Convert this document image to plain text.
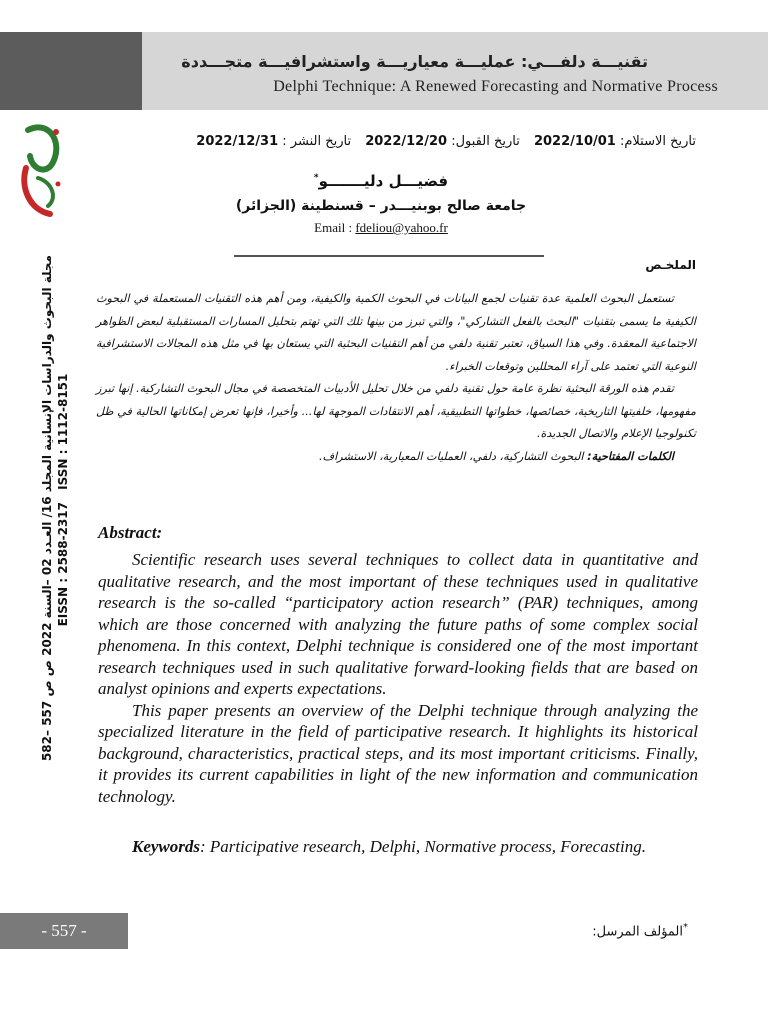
تقنيـــة دلفـــي: عمليـــة معياريـــة واستشرافيـــة متجـــددة
Delphi Technique: A Renewed Forecasting and Normative Process
مجلة البحوث والدراسات الإنسانية المجلد 16/ العـدد 02 –السنة 2022 ص ص 557 –582
EISSN : 2588-2317 ISSN : 1112-8151
تاريخ الاستلام: 2022/10/01 تاريخ القبول: 2022/12/20 تاريخ النشر : 2022/12/31
فضيـــل دليـــــــو*
جامعة صالح بوبنيـــدر – قسنطينة (الجزائر)
Email : fdeliou@yahoo.fr
الملخـص

تستعمل البحوث العلمية عدة تقنيات لجمع البيانات في البحوث الكمية والكيفية، ومن أهم هذه التقنيات المستعملة في البحوث الكيفية ما يسمى بتقنيات "البحث بالفعل التشاركي"، والتي تبرز من بينها تلك التي تهتم بتحليل المسارات المستقبلية لبعض الظواهر الاجتماعية المعقدة. وفي هذا السياق، تعتبر تقنية دلفي من أهم التقنيات البحثية التي يستعان بها في مثل هذه المجالات الاستشرافية النوعية التي تعتمد على آراء المحللين وتوقعات الخبراء.

تقدم هذه الورقة البحثية نظرة عامة حول تقنية دلفي من خلال تحليل الأدبيات المتخصصة في مجال البحوث التشاركية. إنها تبرز مفهومها، خلفيتها التاريخية، خصائصها، خطواتها التطبيقية، أهم الانتقادات الموجهة لها... وأخيرا، فإنها تعرض إمكاناتها الحالية في ظل تكنولوجيا الإعلام والاتصال الجديدة.

الكلمات المفتاحية: البحوث التشاركية، دلفي، العمليات المعيارية، الاستشراف.

Abstract:

Scientific research uses several techniques to collect data in quantitative and qualitative research, and the most important of these techniques used in qualitative research is the so-called “participatory action research” (PAR) techniques, among which are those concerned with analyzing the future paths of some complex social phenomena. In this context, Delphi technique is considered one of the most important research techniques used in such qualitative forward-looking fields that are based on analyst opinions and experts expectations.

This paper presents an overview of the Delphi technique through analyzing the specialized literature in the field of participative research. It highlights its historical background, characteristics, practical steps, and its most important criticisms. Finally, it provides its current capabilities in light of the new information and communication technology.

Keywords: Participative research, Delphi, Normative process, Forecasting.
- 557 -	*المؤلف المرسل:
